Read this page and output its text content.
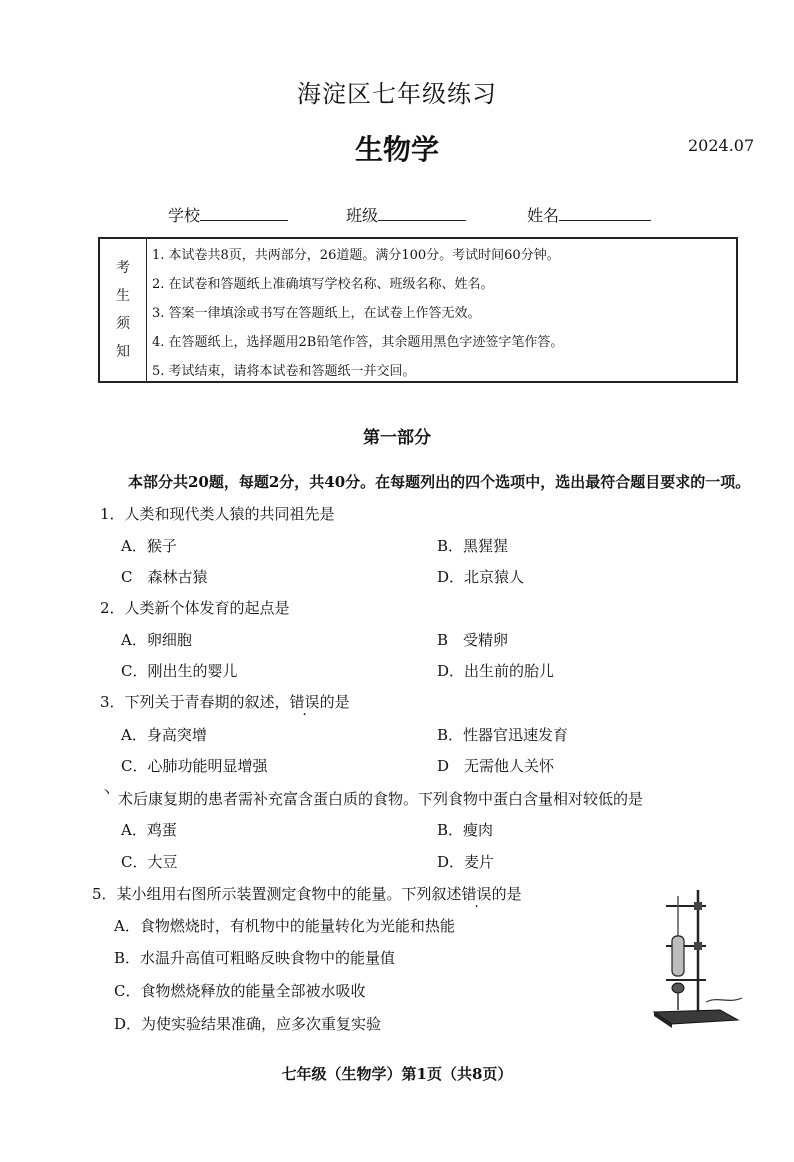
海淀区七年级练习
生物学	2024.07
学校	班级	姓名
考
生
须
知
1. 本试卷共8页，共两部分，26道题。满分100分。考试时间60分钟。
2. 在试卷和答题纸上准确填写学校名称、班级名称、姓名。
3. 答案一律填涂或书写在答题纸上，在试卷上作答无效。
4. 在答题纸上，选择题用2B铅笔作答，其余题用黑色字迹签字笔作答。
5. 考试结束，请将本试卷和答题纸一并交回。
第一部分
本部分共20题，每题2分，共40分。在每题列出的四个选项中，选出最符合题目要求的一项。
1．人类和现代类人猿的共同祖先是
A．猴子	B．黑猩猩
C　森林古猿	D．北京猿人
2．人类新个体发育的起点是
A．卵细胞	B　受精卵
C．刚出生的婴儿	D．出生前的胎儿
3．下列关于青春期的叙述，错误的是
A．身高突增	B．性器官迅速发育
C．心肺功能明显增强	D　无需他人关怀
丶 术后康复期的患者需补充富含蛋白质的食物。下列食物中蛋白含量相对较低的是
A．鸡蛋	B．瘦肉
C．大豆	D．麦片
5．某小组用右图所示装置测定食物中的能量。下列叙述错误的是
A．食物燃烧时，有机物中的能量转化为光能和热能
B．水温升高值可粗略反映食物中的能量值
C．食物燃烧释放的能量全部被水吸收
D．为使实验结果准确，应多次重复实验
七年级（生物学）第1页（共8页）
